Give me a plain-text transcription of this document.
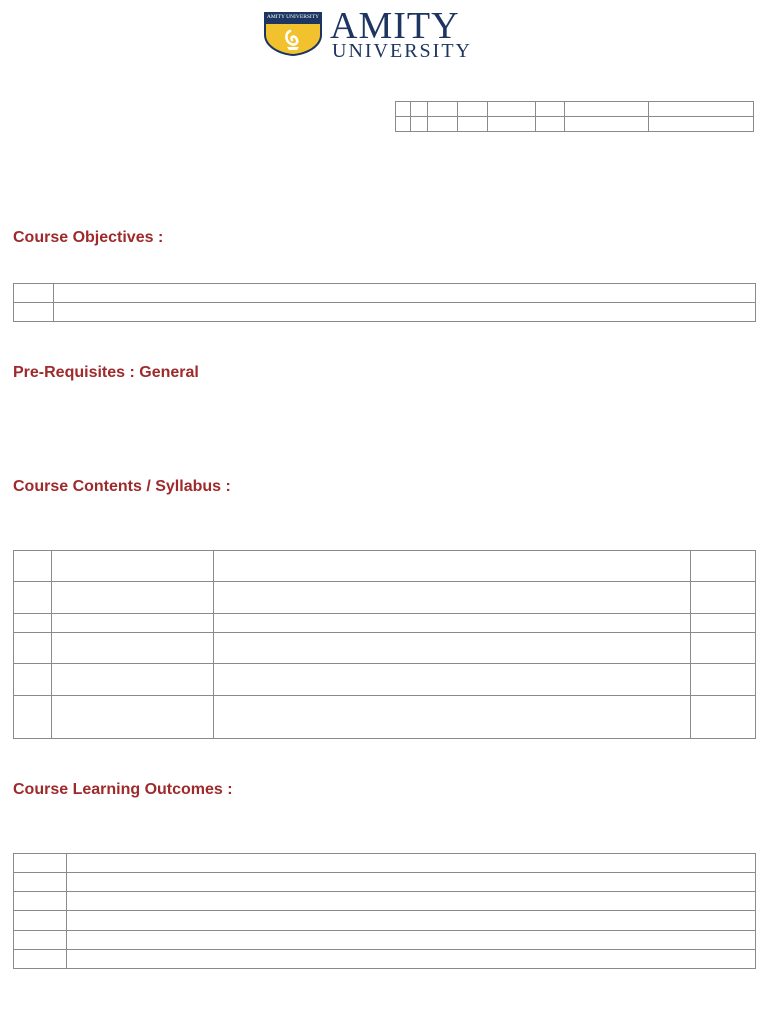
AMITY UNIVERSITY AMITY
UNIVERSITY

Course Objectives :

Pre-Requisites : General
Course Contents / Syllabus :

Course Learning Outcomes :
